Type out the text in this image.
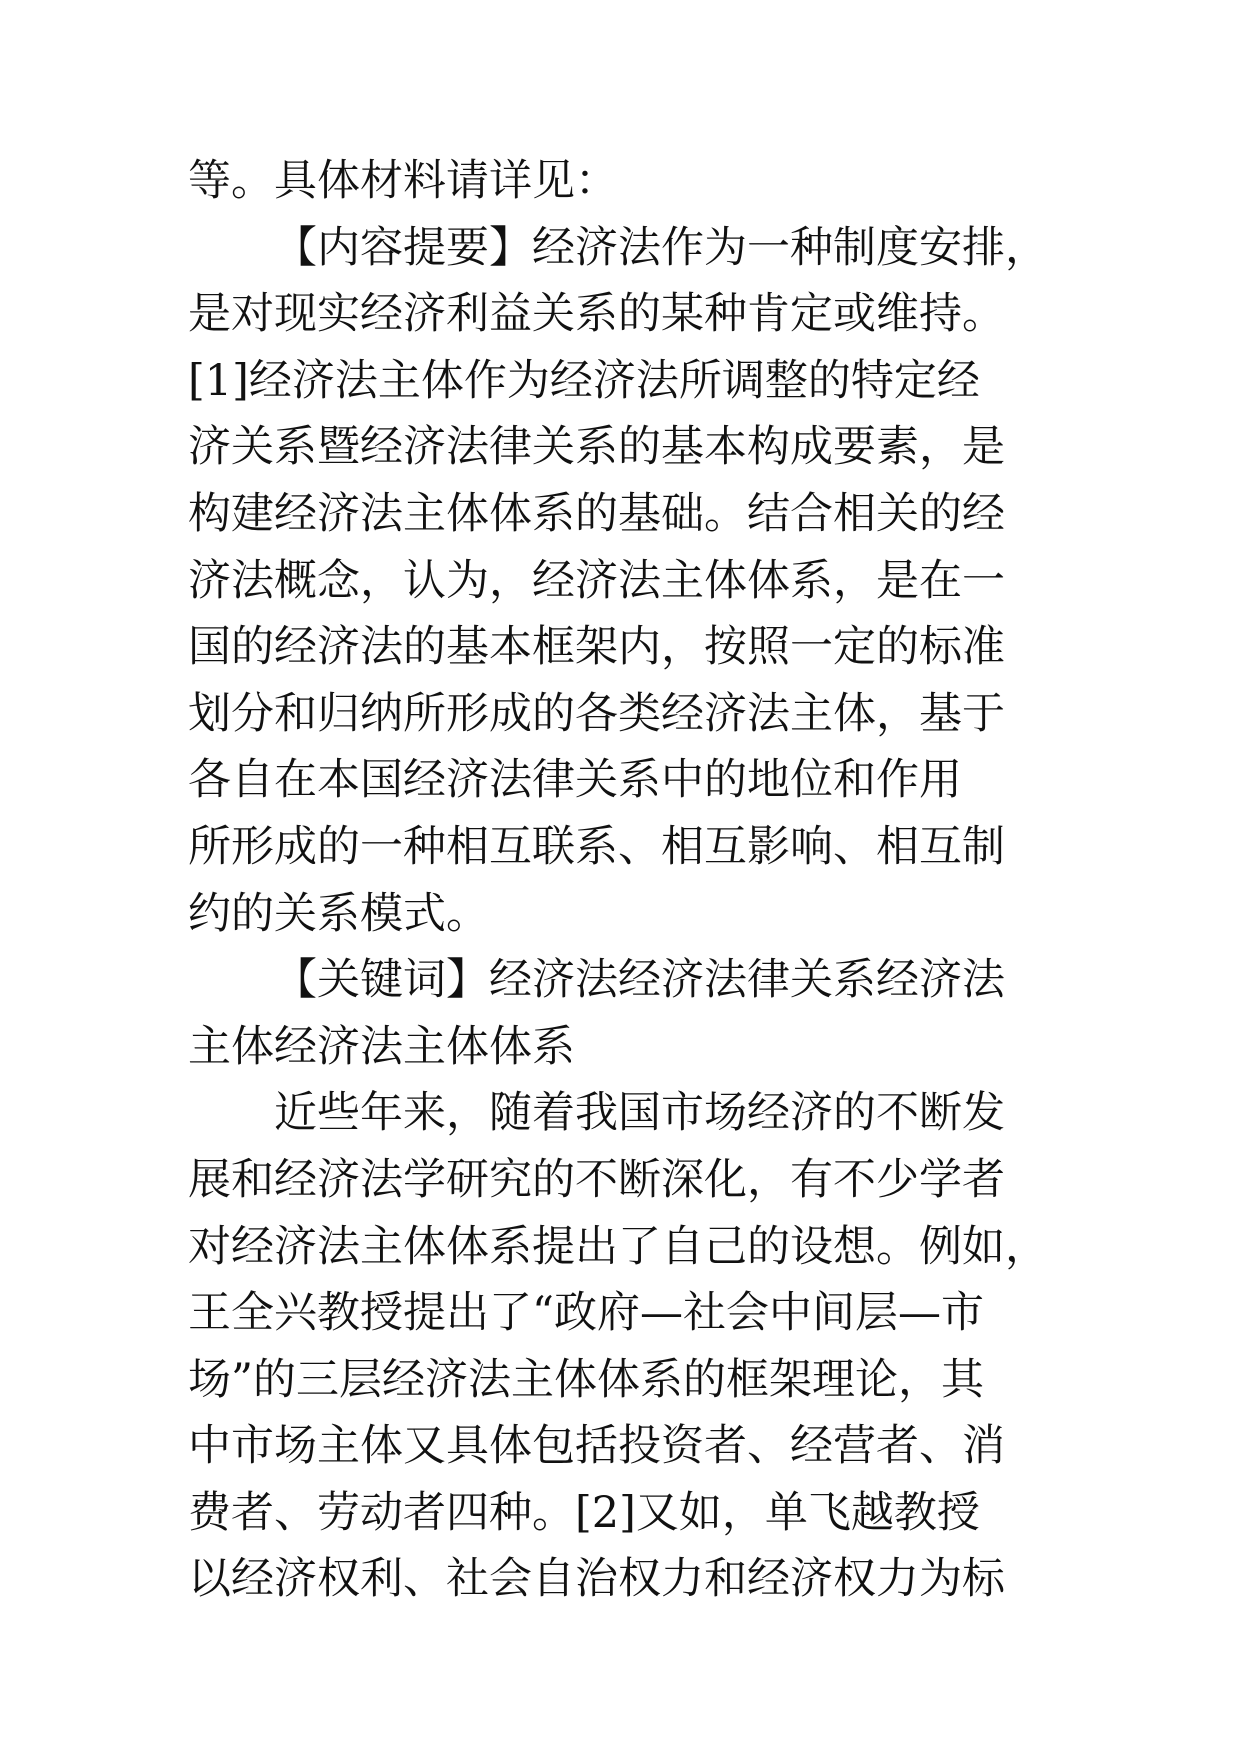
等。具体材料请详见：
【内容提要】经济法作为一种制度安排，
是对现实经济利益关系的某种肯定或维持。
[1]经济法主体作为经济法所调整的特定经
济关系暨经济法律关系的基本构成要素，是
构建经济法主体体系的基础。结合相关的经
济法概念，认为，经济法主体体系，是在一
国的经济法的基本框架内，按照一定的标准
划分和归纳所形成的各类经济法主体，基于
各自在本国经济法律关系中的地位和作用
所形成的一种相互联系、相互影响、相互制
约的关系模式。
【关键词】经济法经济法律关系经济法
主体经济法主体体系
近些年来，随着我国市场经济的不断发
展和经济法学研究的不断深化，有不少学者
对经济法主体体系提出了自己的设想。例如，
王全兴教授提出了“政府—社会中间层—市
场”的三层经济法主体体系的框架理论，其
中市场主体又具体包括投资者、经营者、消
费者、劳动者四种。[2]又如，单飞越教授
以经济权利、社会自治权力和经济权力为标
